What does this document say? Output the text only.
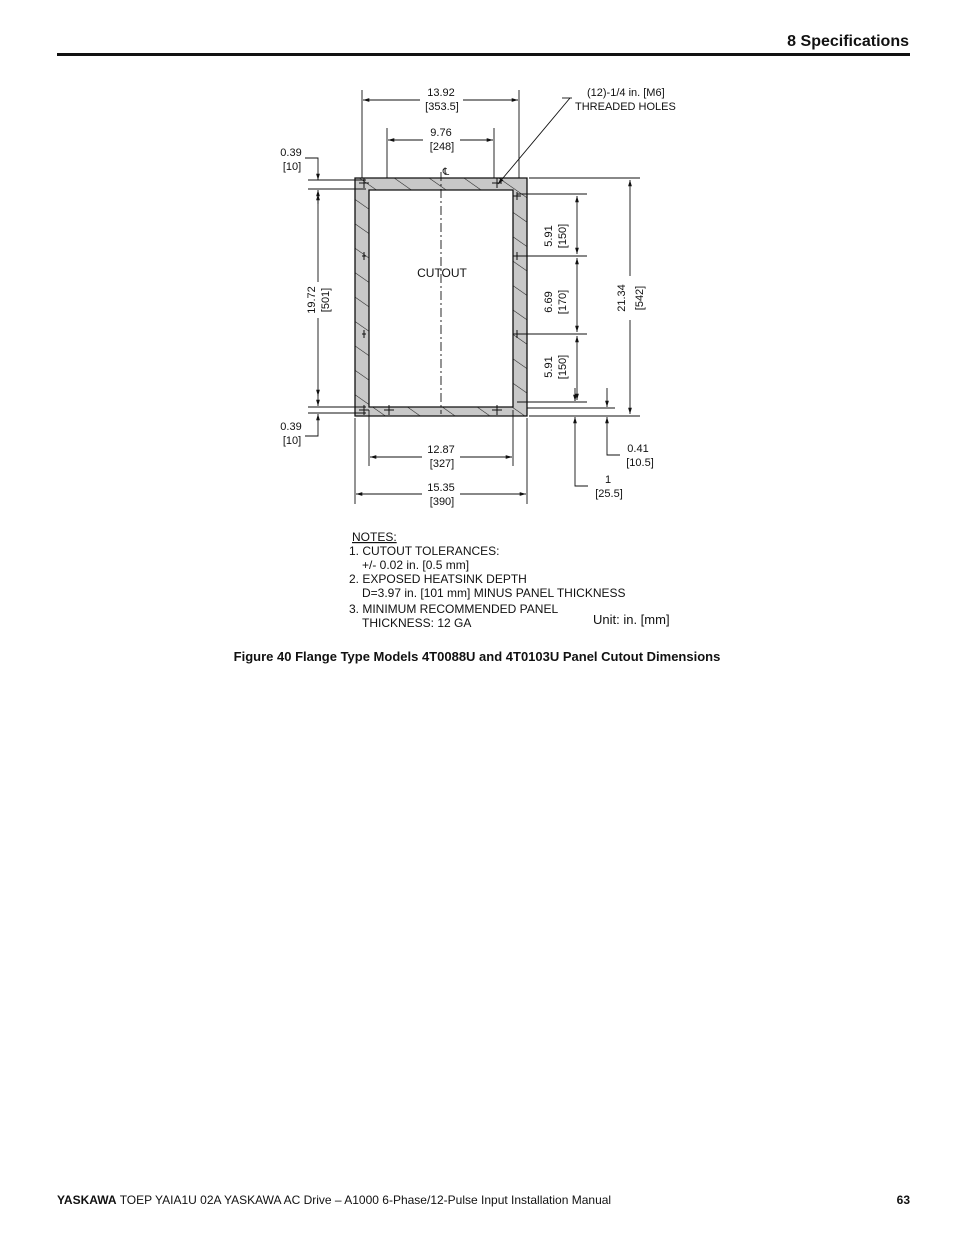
8 Specifications
13.92
[353.5]
9.76
[248]
℄
(12)-1/4 in. [M6]
THREADED HOLES
CUTOUT
0.39
[10]
19.72 [501]
0.39
[10]
5.91 [150]
6.69 [170]
5.91 [150]
21.34 [542]
0.41
[10.5]
1
[25.5]
12.87
[327]
15.35
[390]
NOTES:
1. CUTOUT TOLERANCES:
+/- 0.02 in. [0.5 mm]
2. EXPOSED HEATSINK DEPTH
D=3.97 in. [101 mm] MINUS PANEL THICKNESS
3. MINIMUM RECOMMENDED PANEL
THICKNESS: 12 GA	Unit: in. [mm]
Figure 40 Flange Type Models 4T0088U and 4T0103U Panel Cutout Dimensions
YASKAWA TOEP YAIA1U 02A YASKAWA AC Drive – A1000 6-Phase/12-Pulse Input Installation Manual	63
